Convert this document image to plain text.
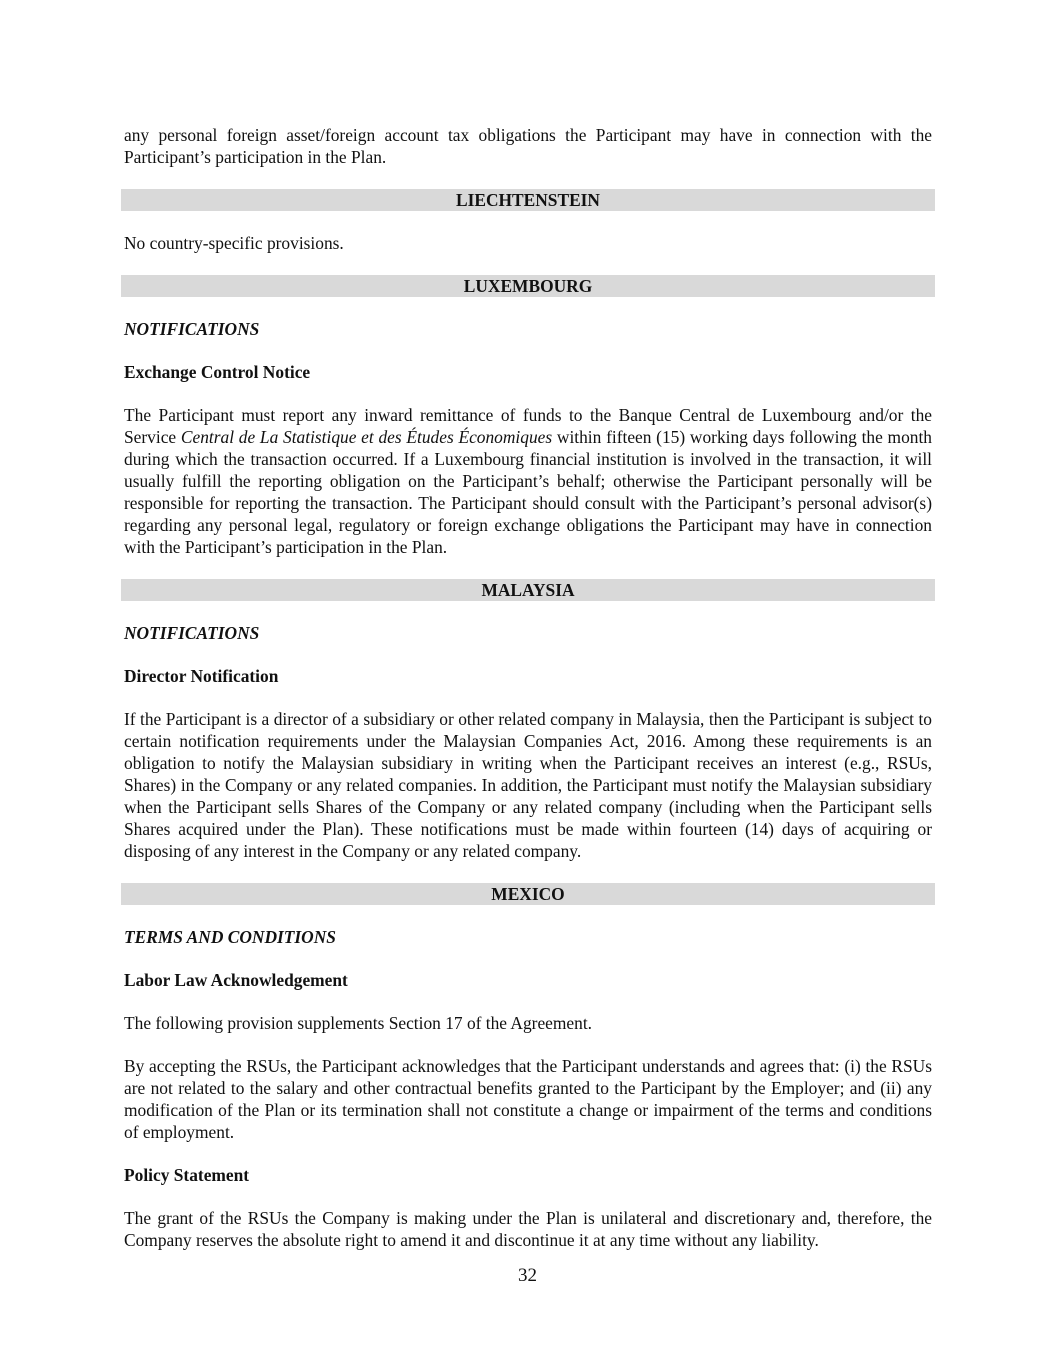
any personal foreign asset/foreign account tax obligations the Participant may have in connection with the Participant’s participation in the Plan.

LIECHTENSTEIN

No country-specific provisions.

LUXEMBOURG

NOTIFICATIONS

Exchange Control Notice

The Participant must report any inward remittance of funds to the Banque Central de Luxembourg and/or the Service Central de La Statistique et des Études Économiques within fifteen (15) working days following the month during which the transaction occurred. If a Luxembourg financial institution is involved in the transaction, it will usually fulfill the reporting obligation on the Participant’s behalf; otherwise the Participant personally will be responsible for reporting the transaction. The Participant should consult with the Participant’s personal advisor(s) regarding any personal legal, regulatory or foreign exchange obligations the Participant may have in connection with the Participant’s participation in the Plan.

MALAYSIA

NOTIFICATIONS

Director Notification

If the Participant is a director of a subsidiary or other related company in Malaysia, then the Participant is subject to certain notification requirements under the Malaysian Companies Act, 2016. Among these requirements is an obligation to notify the Malaysian subsidiary in writing when the Participant receives an interest (e.g., RSUs, Shares) in the Company or any related companies. In addition, the Participant must notify the Malaysian subsidiary when the Participant sells Shares of the Company or any related company (including when the Participant sells Shares acquired under the Plan). These notifications must be made within fourteen (14) days of acquiring or disposing of any interest in the Company or any related company.

MEXICO

TERMS AND CONDITIONS

Labor Law Acknowledgement

The following provision supplements Section 17 of the Agreement.

By accepting the RSUs, the Participant acknowledges that the Participant understands and agrees that: (i) the RSUs are not related to the salary and other contractual benefits granted to the Participant by the Employer; and (ii) any modification of the Plan or its termination shall not constitute a change or impairment of the terms and conditions of employment.

Policy Statement

The grant of the RSUs the Company is making under the Plan is unilateral and discretionary and, therefore, the Company reserves the absolute right to amend it and discontinue it at any time without any liability.

32
